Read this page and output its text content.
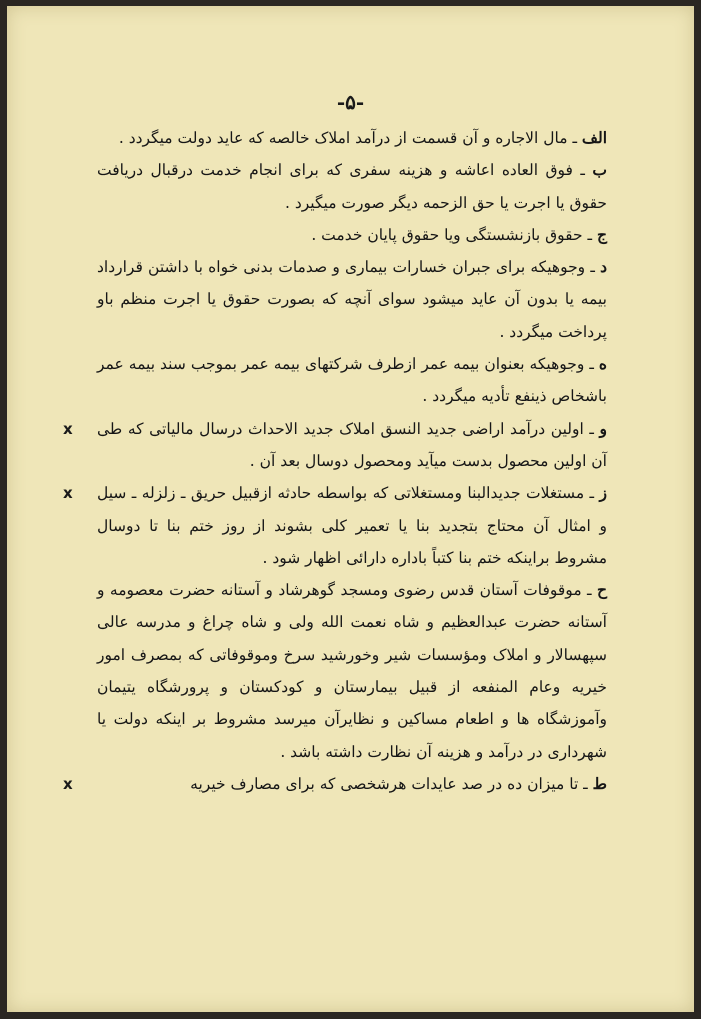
-۵-

الف ـ مال الاجاره و آن قسمت از درآمد املاک خالصه که عاید دولت میگردد .

ب ـ فوق العاده اعاشه و هزینه سفری که برای انجام خدمت درقبال دریافت حقوق یا اجرت یا حق الزحمه دیگر صورت میگیرد .

ج ـ حقوق بازنشستگی ویا حقوق پایان خدمت .

د ـ وجوهیکه برای جبران خسارات بیماری و صدمات بدنی خواه با داشتن قرارداد بیمه یا بدون آن عاید میشود سوای آنچه که بصورت حقوق یا اجرت منظم باو پرداخت میگردد .

ه ـ وجوهیکه بعنوان بیمه عمر ازطرف شرکتهای بیمه عمر بموجب سند بیمه عمر باشخاص ذینفع تأدیه میگردد .

x	و ـ اولین درآمد اراضی جدید النسق املاک جدید الاحداث درسال مالیاتی که طی آن اولین محصول بدست میآید ومحصول دوسال بعد آن .

x	ز ـ مستغلات جدیدالبنا ومستغلاتی که بواسطه حادثه ازقبیل حریق ـ زلزله ـ سیل و امثال آن محتاج بتجدید بنا یا تعمیر کلی بشوند از روز ختم بنا تا دوسال مشروط براینکه ختم بنا کتباً باداره دارائی اظهار شود .

ح ـ موقوفات آستان قدس رضوی ومسجد گوهرشاد و آستانه حضرت معصومه و آستانه حضرت عبدالعظیم و شاه نعمت الله ولی و شاه چراغ و مدرسه عالی سپهسالار و املاک ومؤسسات شیر وخورشید سرخ وموقوفاتی که بمصرف امور خیریه وعام المنفعه از قبیل بیمارستان و کودکستان و پرورشگاه یتیمان وآموزشگاه ها و اطعام مساکین و نظایرآن میرسد مشروط بر اینکه دولت یا شهرداری در درآمد و هزینه آن نظارت داشته باشد .

x	ط ـ تا میزان ده در صد عایدات هرشخصی که برای مصارف خیریه
